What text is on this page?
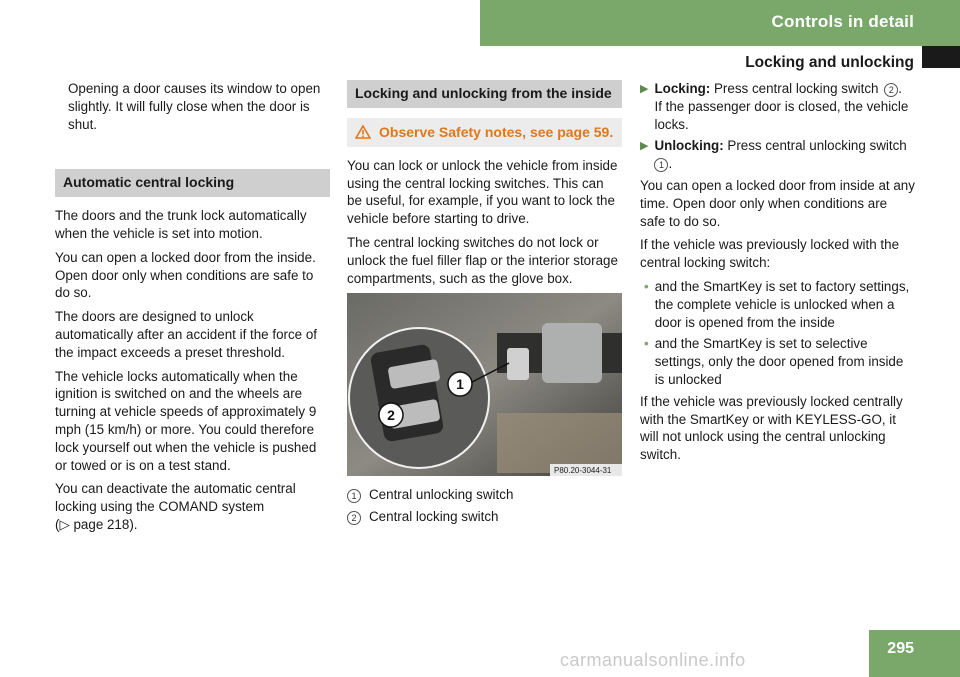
Controls in detail
Locking and unlocking

Opening a door causes its window to open slightly. It will fully close when the door is shut.

Automatic central locking

The doors and the trunk lock automatically when the vehicle is set into motion.

You can open a locked door from the inside. Open door only when conditions are safe to do so.

The doors are designed to unlock automatically after an accident if the force of the impact exceeds a preset threshold.

The vehicle locks automatically when the ignition is switched on and the wheels are turning at vehicle speeds of approximately 9 mph (15 km/h) or more. You could therefore lock yourself out when the vehicle is pushed or towed or is on a test stand.

You can deactivate the automatic central locking using the COMAND system
(▷ page 218).

Locking and unlocking from the inside
Observe Safety notes, see page 59.

You can lock or unlock the vehicle from inside using the central locking switches. This can be useful, for example, if you want to lock the vehicle before starting to drive.

The central locking switches do not lock or unlock the fuel filler flap or the interior storage compartments, such as the glove box.

1
2
P80.20-3044-31
1 Central unlocking switch
2 Central locking switch
▶ Locking: Press central locking switch 2 .
If the passenger door is closed, the vehicle locks.
▶ Unlocking: Press central unlocking switch
1 .

You can open a locked door from inside at any time. Open door only when conditions are safe to do so.

If the vehicle was previously locked with the central locking switch:

• and the SmartKey is set to factory settings, the complete vehicle is unlocked when a door is opened from the inside
• and the SmartKey is set to selective settings, only the door opened from inside is unlocked

If the vehicle was previously locked centrally with the SmartKey or with KEYLESS-GO, it will not unlock using the central unlocking switch.

295
carmanualsonline.info
